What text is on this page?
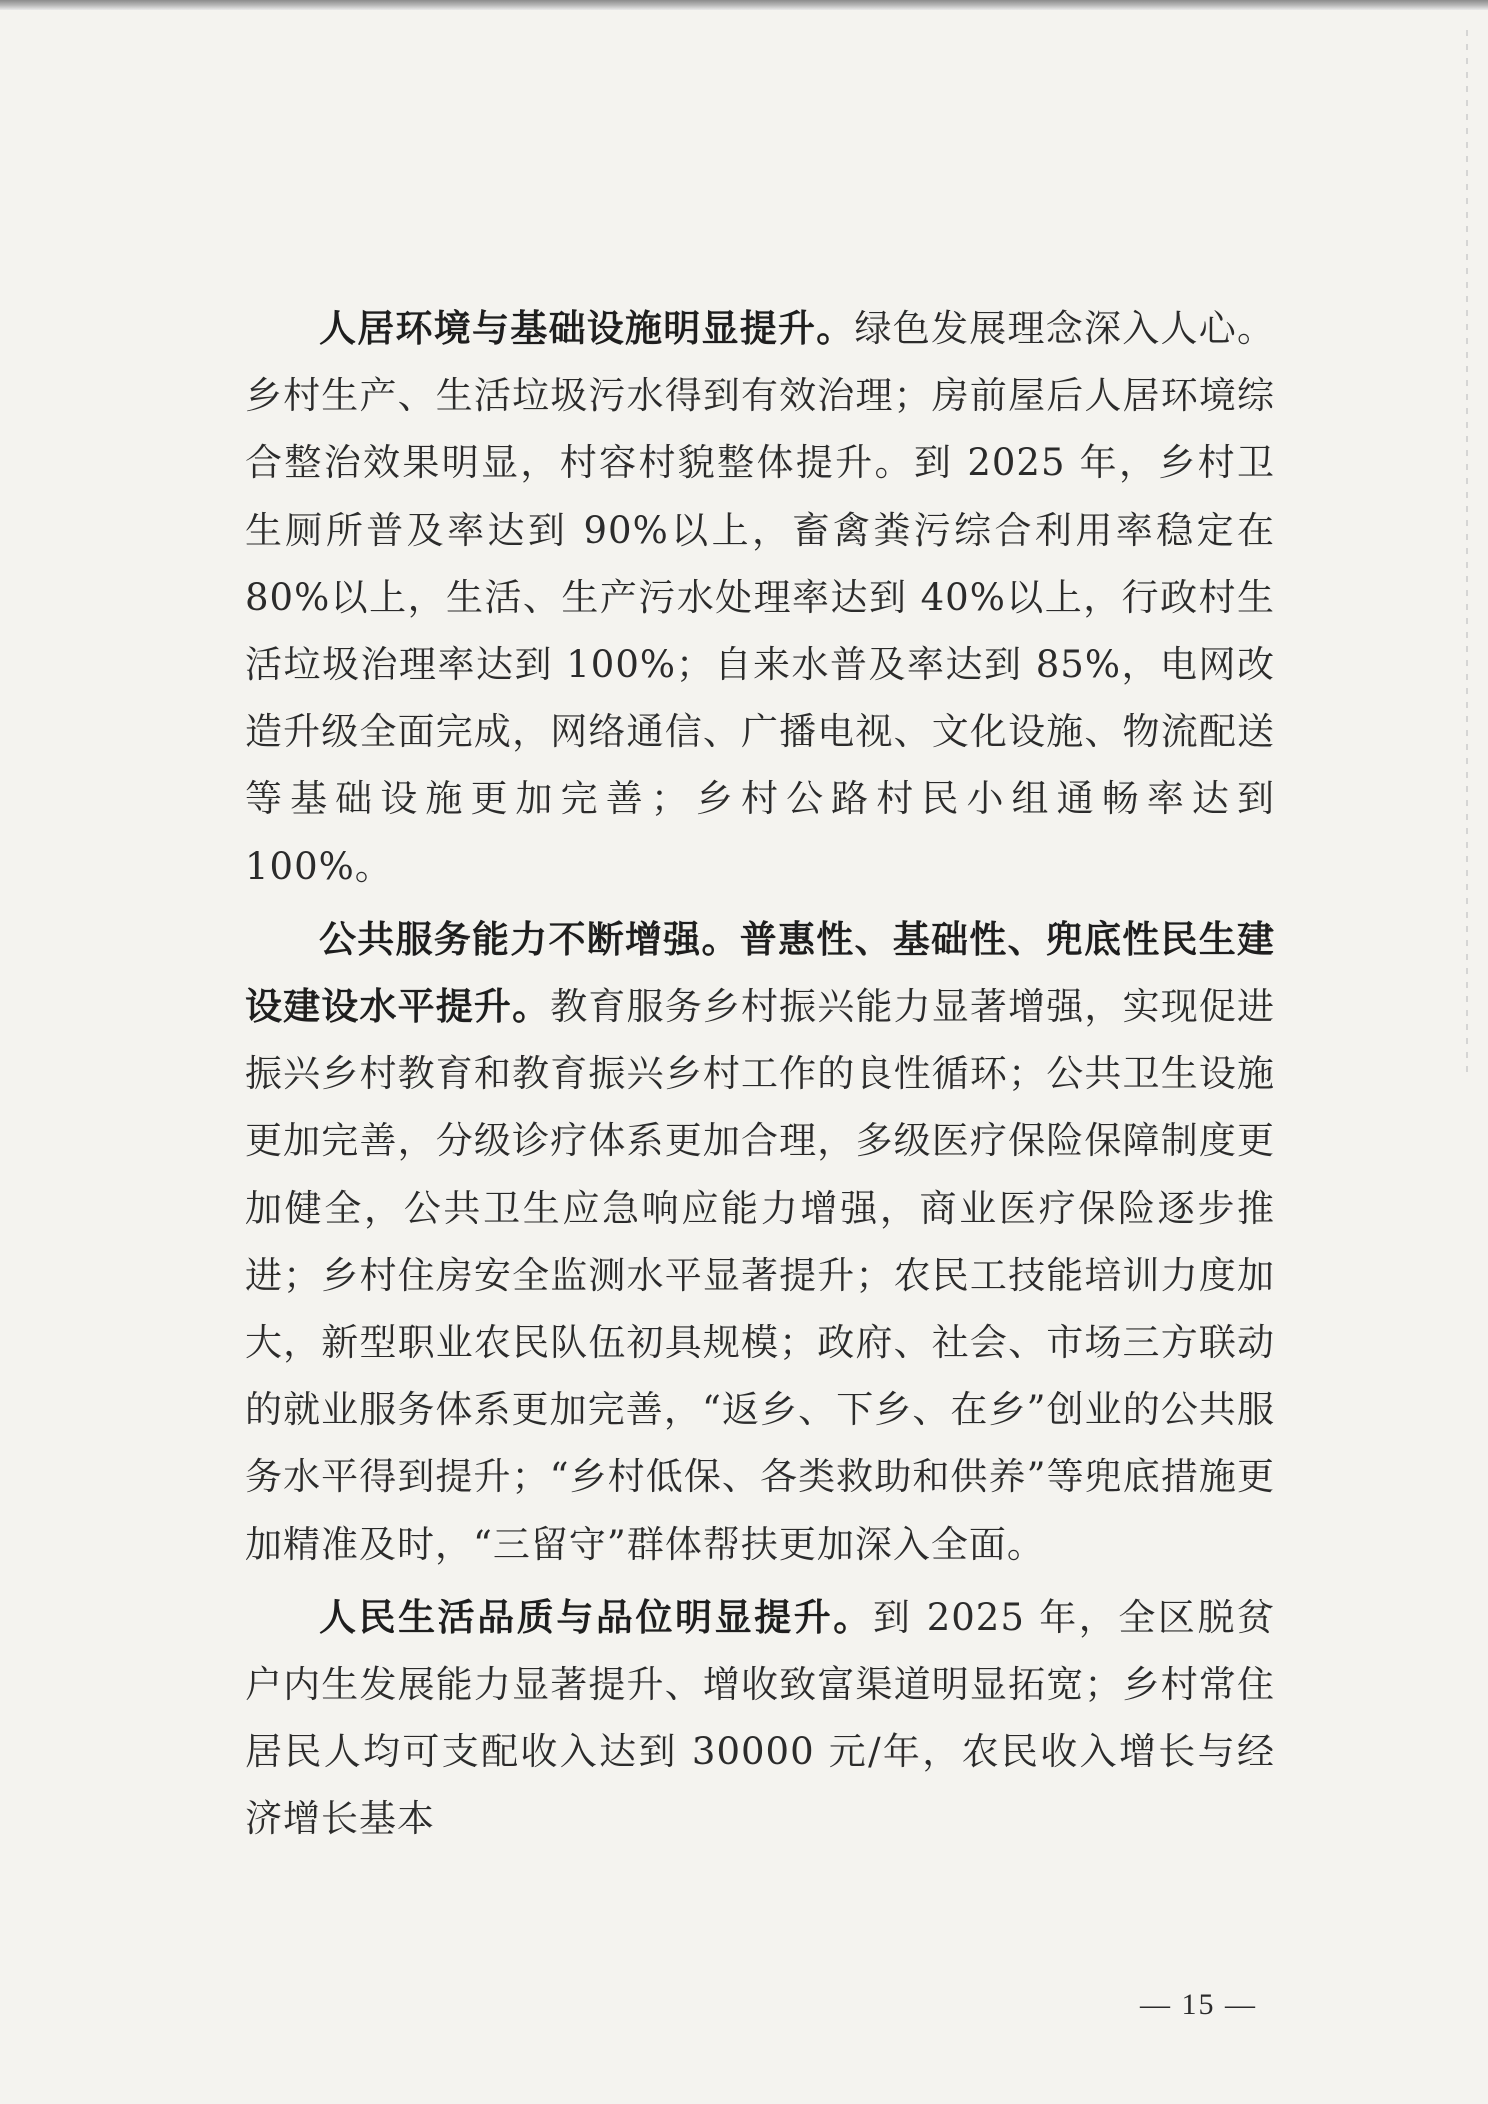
人居环境与基础设施明显提升。绿色发展理念深入人心。乡村生产、生活垃圾污水得到有效治理；房前屋后人居环境综合整治效果明显，村容村貌整体提升。到 2025 年，乡村卫生厕所普及率达到 90%以上，畜禽粪污综合利用率稳定在 80%以上，生活、生产污水处理率达到 40%以上，行政村生活垃圾治理率达到 100%；自来水普及率达到 85%，电网改造升级全面完成，网络通信、广播电视、文化设施、物流配送等基础设施更加完善；乡村公路村民小组通畅率达到 100%。

公共服务能力不断增强。普惠性、基础性、兜底性民生建设建设水平提升。教育服务乡村振兴能力显著增强，实现促进振兴乡村教育和教育振兴乡村工作的良性循环；公共卫生设施更加完善，分级诊疗体系更加合理，多级医疗保险保障制度更加健全，公共卫生应急响应能力增强，商业医疗保险逐步推进；乡村住房安全监测水平显著提升；农民工技能培训力度加大，新型职业农民队伍初具规模；政府、社会、市场三方联动的就业服务体系更加完善，“返乡、下乡、在乡”创业的公共服务水平得到提升；“乡村低保、各类救助和供养”等兜底措施更加精准及时，“三留守”群体帮扶更加深入全面。

人民生活品质与品位明显提升。到 2025 年，全区脱贫户内生发展能力显著提升、增收致富渠道明显拓宽；乡村常住居民人均可支配收入达到 30000 元/年，农民收入增长与经济增长基本

— 15 —
